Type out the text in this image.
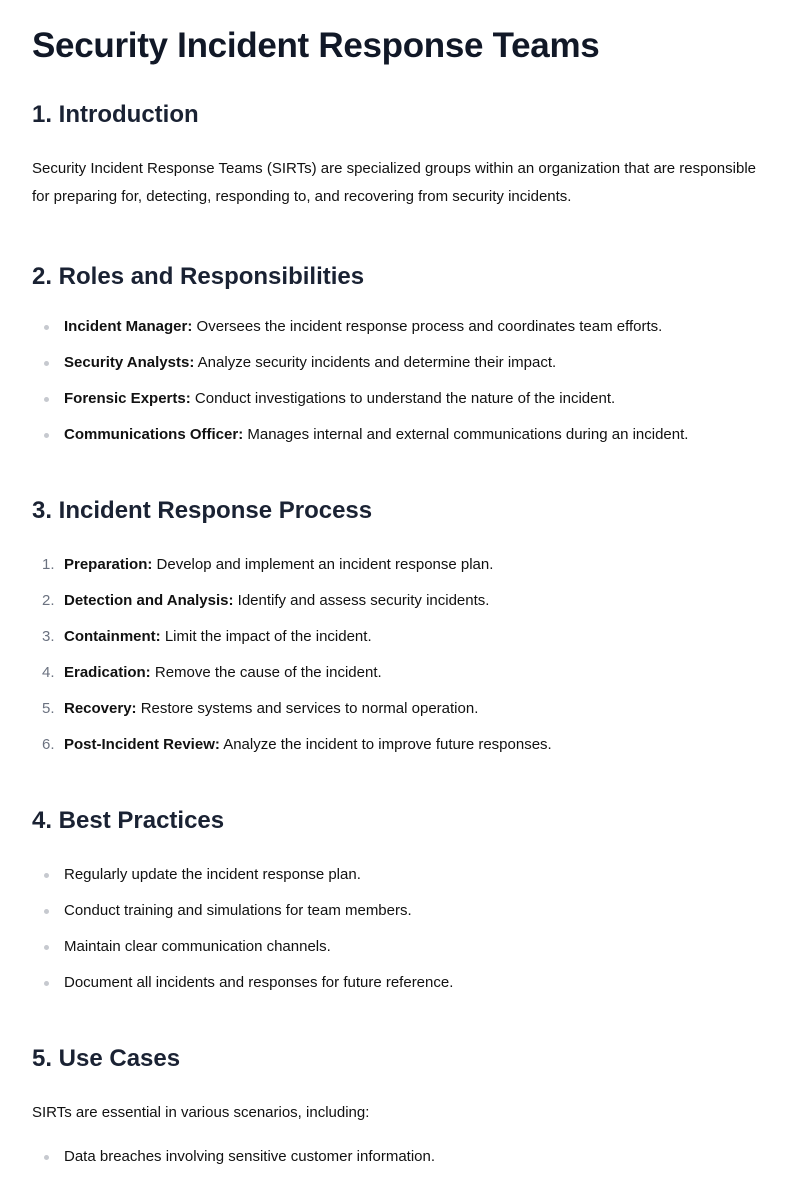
Security Incident Response Teams
1. Introduction

Security Incident Response Teams (SIRTs) are specialized groups within an organization that are responsible for preparing for, detecting, responding to, and recovering from security incidents.

2. Roles and Responsibilities
Incident Manager: Oversees the incident response process and coordinates team efforts.
Security Analysts: Analyze security incidents and determine their impact.
Forensic Experts: Conduct investigations to understand the nature of the incident.
Communications Officer: Manages internal and external communications during an incident.
3. Incident Response Process
1. Preparation: Develop and implement an incident response plan.
2. Detection and Analysis: Identify and assess security incidents.
3. Containment: Limit the impact of the incident.
4. Eradication: Remove the cause of the incident.
5. Recovery: Restore systems and services to normal operation.
6. Post-Incident Review: Analyze the incident to improve future responses.
4. Best Practices
Regularly update the incident response plan.
Conduct training and simulations for team members.
Maintain clear communication channels.
Document all incidents and responses for future reference.
5. Use Cases

SIRTs are essential in various scenarios, including:

Data breaches involving sensitive customer information.
